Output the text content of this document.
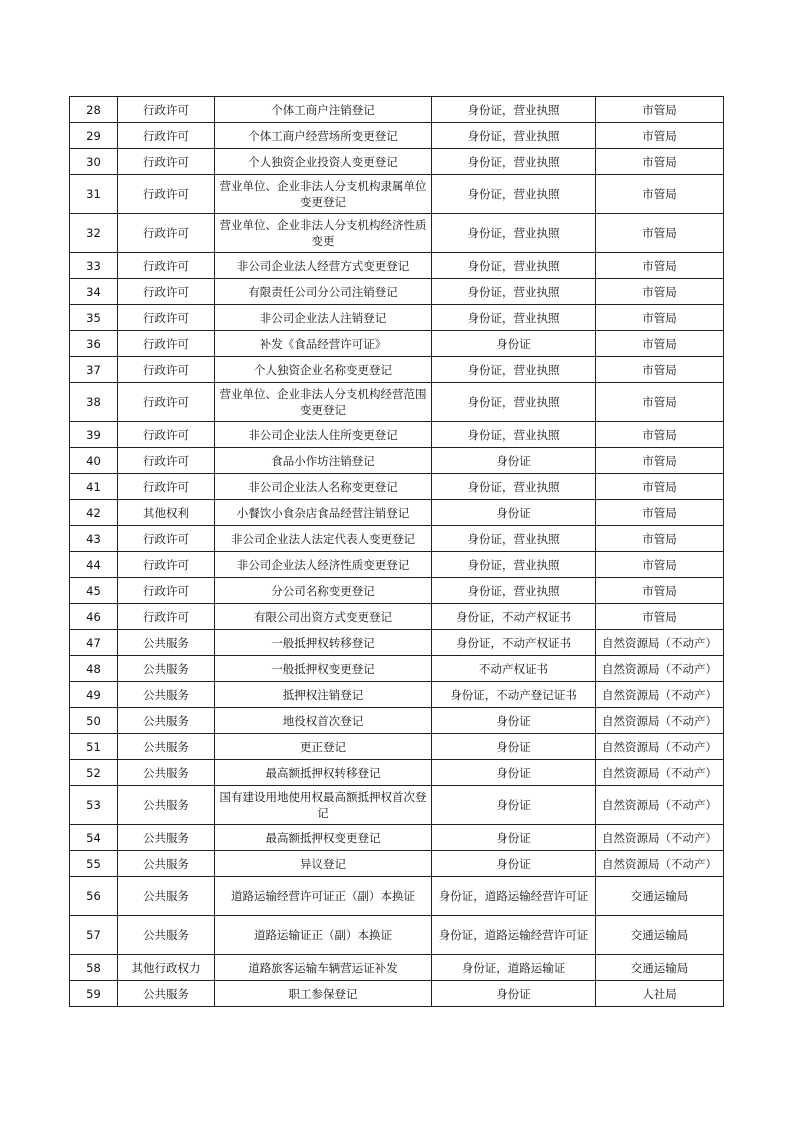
28	行政许可	个体工商户注销登记	身份证，营业执照	市管局
29	行政许可	个体工商户经营场所变更登记	身份证，营业执照	市管局
30	行政许可	个人独资企业投资人变更登记	身份证，营业执照	市管局
31	行政许可	营业单位、企业非法人分支机构隶属单位变更登记	身份证，营业执照	市管局
32	行政许可	营业单位、企业非法人分支机构经济性质变更	身份证，营业执照	市管局
33	行政许可	非公司企业法人经营方式变更登记	身份证，营业执照	市管局
34	行政许可	有限责任公司分公司注销登记	身份证，营业执照	市管局
35	行政许可	非公司企业法人注销登记	身份证，营业执照	市管局
36	行政许可	补发《食品经营许可证》	身份证	市管局
37	行政许可	个人独资企业名称变更登记	身份证，营业执照	市管局
38	行政许可	营业单位、企业非法人分支机构经营范围变更登记	身份证，营业执照	市管局
39	行政许可	非公司企业法人住所变更登记	身份证，营业执照	市管局
40	行政许可	食品小作坊注销登记	身份证	市管局
41	行政许可	非公司企业法人名称变更登记	身份证，营业执照	市管局
42	其他权利	小餐饮小食杂店食品经营注销登记	身份证	市管局
43	行政许可	非公司企业法人法定代表人变更登记	身份证，营业执照	市管局
44	行政许可	非公司企业法人经济性质变更登记	身份证，营业执照	市管局
45	行政许可	分公司名称变更登记	身份证，营业执照	市管局
46	行政许可	有限公司出资方式变更登记	身份证，不动产权证书	市管局
47	公共服务	一般抵押权转移登记	身份证，不动产权证书	自然资源局（不动产）
48	公共服务	一般抵押权变更登记	不动产权证书	自然资源局（不动产）
49	公共服务	抵押权注销登记	身份证，不动产登记证书	自然资源局（不动产）
50	公共服务	地役权首次登记	身份证	自然资源局（不动产）
51	公共服务	更正登记	身份证	自然资源局（不动产）
52	公共服务	最高额抵押权转移登记	身份证	自然资源局（不动产）
53	公共服务	国有建设用地使用权最高额抵押权首次登记	身份证	自然资源局（不动产）
54	公共服务	最高额抵押权变更登记	身份证	自然资源局（不动产）
55	公共服务	异议登记	身份证	自然资源局（不动产）
56	公共服务	道路运输经营许可证正（副）本换证	身份证，道路运输经营许可证	交通运输局
57	公共服务	道路运输证正（副）本换证	身份证，道路运输经营许可证	交通运输局
58	其他行政权力	道路旅客运输车辆营运证补发	身份证，道路运输证	交通运输局
59	公共服务	职工参保登记	身份证	人社局
